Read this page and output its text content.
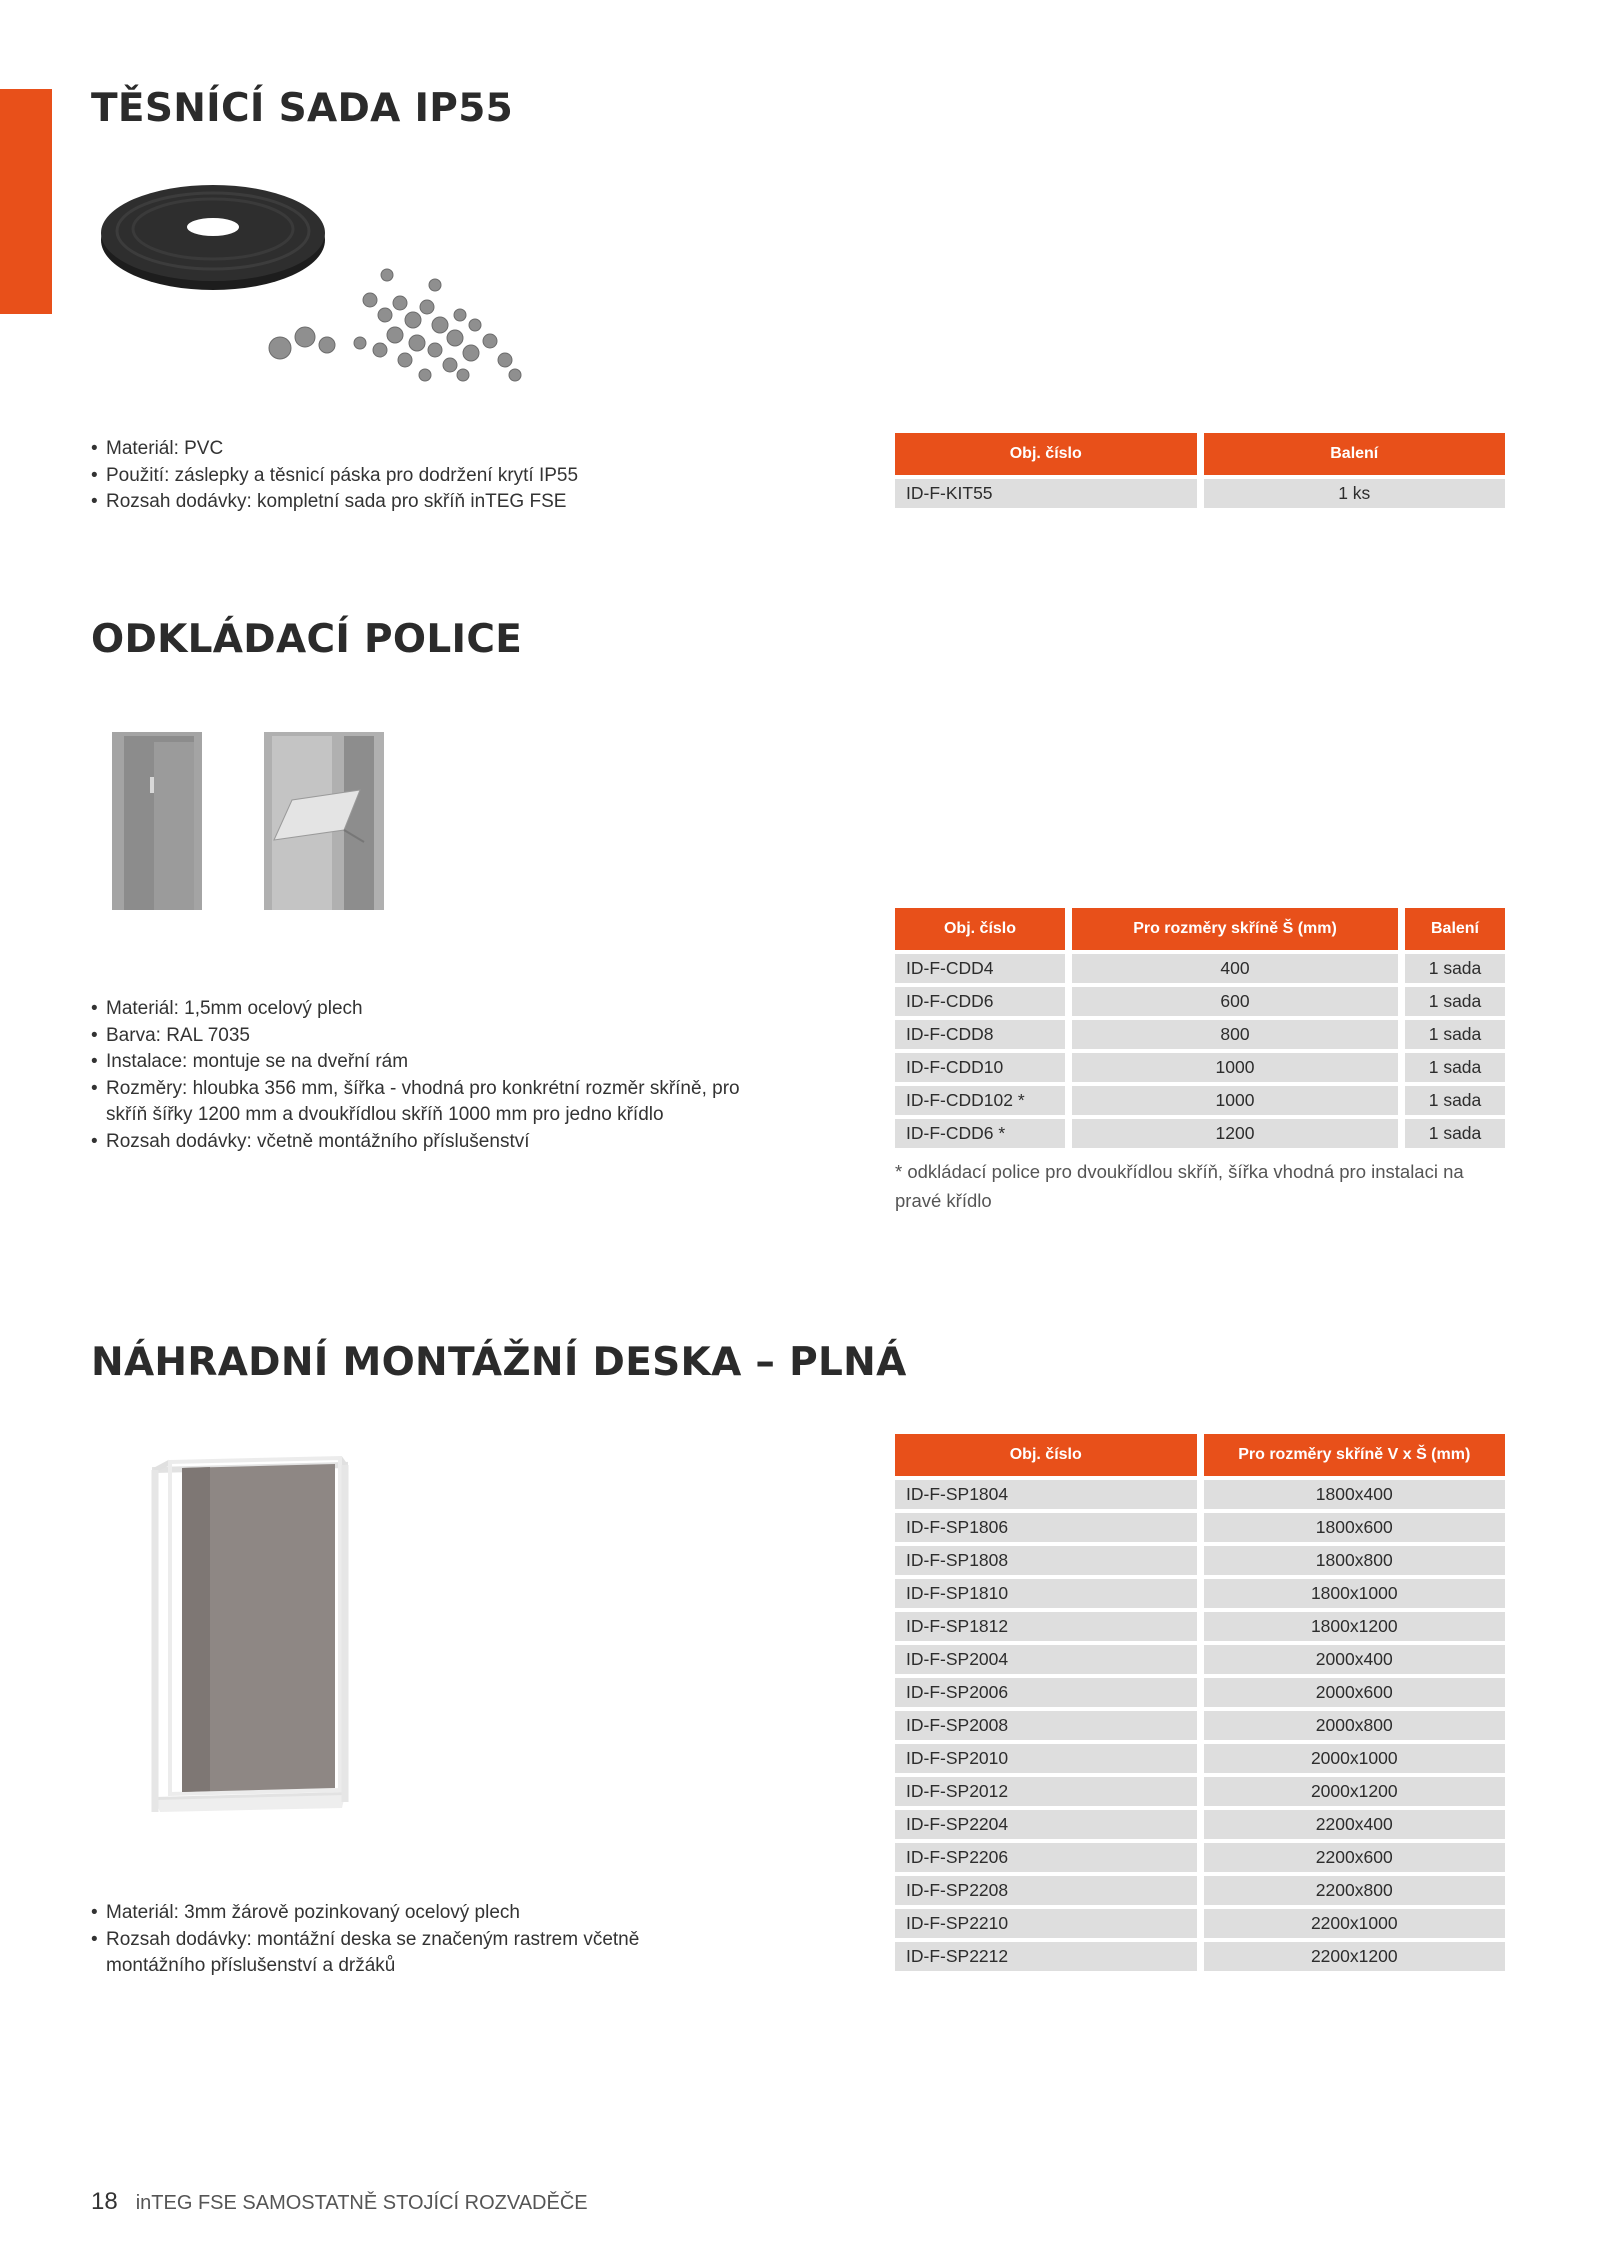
TĚSNÍCÍ SADA IP55
• Materiál: PVC
• Použití: záslepky a těsnicí páska pro dodržení krytí IP55
• Rozsah dodávky: kompletní sada pro skříň inTEG FSE
Obj. číslo	Balení
ID-F-KIT55	1 ks
ODKLÁDACÍ POLICE
• Materiál: 1,5mm ocelový plech
• Barva: RAL 7035
• Instalace: montuje se na dveřní rám
• Rozměry: hloubka 356 mm, šířka - vhodná pro konkrétní rozměr skříně, pro skříň šířky 1200 mm a dvoukřídlou skříň 1000 mm pro jedno křídlo
• Rozsah dodávky: včetně montážního příslušenství
Obj. číslo	Pro rozměry skříně Š (mm)	Balení
ID-F-CDD4	400	1 sada
ID-F-CDD6	600	1 sada
ID-F-CDD8	800	1 sada
ID-F-CDD10	1000	1 sada
ID-F-CDD102 *	1000	1 sada
ID-F-CDD6 *	1200	1 sada

* odkládací police pro dvoukřídlou skříň, šířka vhodná pro instalaci na pravé křídlo

NÁHRADNÍ MONTÁŽNÍ DESKA – PLNÁ
• Materiál: 3mm žárově pozinkovaný ocelový plech
• Rozsah dodávky: montážní deska se značeným rastrem včetně montážního příslušenství a držáků
Obj. číslo	Pro rozměry skříně V x Š (mm)
ID-F-SP1804	1800x400
ID-F-SP1806	1800x600
ID-F-SP1808	1800x800
ID-F-SP1810	1800x1000
ID-F-SP1812	1800x1200
ID-F-SP2004	2000x400
ID-F-SP2006	2000x600
ID-F-SP2008	2000x800
ID-F-SP2010	2000x1000
ID-F-SP2012	2000x1200
ID-F-SP2204	2200x400
ID-F-SP2206	2200x600
ID-F-SP2208	2200x800
ID-F-SP2210	2200x1000
ID-F-SP2212	2200x1200
18 inTEG FSE SAMOSTATNĚ STOJÍCÍ ROZVADĚČE
